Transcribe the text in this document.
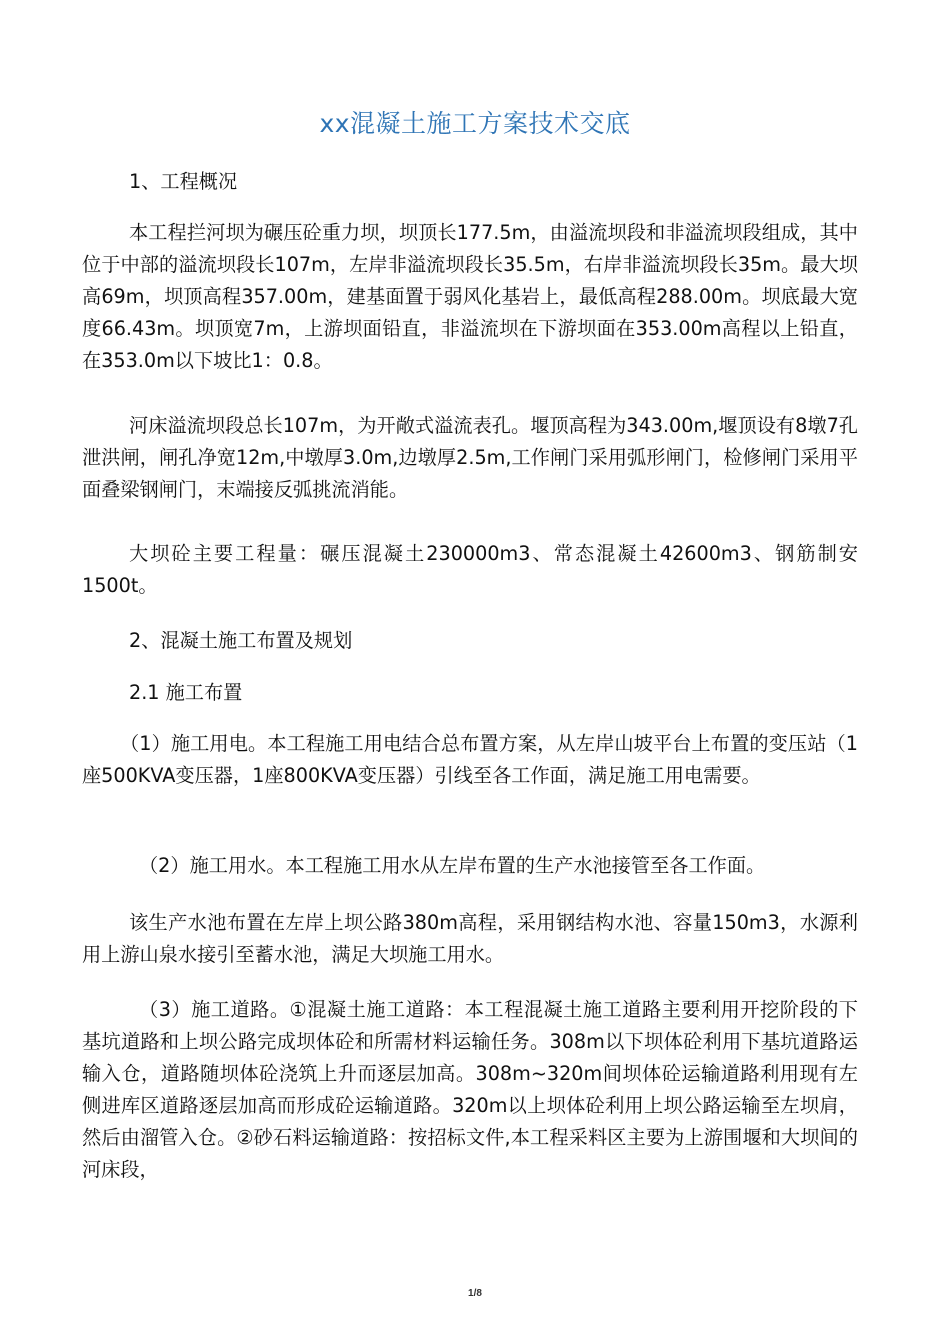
xx混凝土施工方案技术交底

1、工程概况

本工程拦河坝为碾压砼重力坝，坝顶长177.5m，由溢流坝段和非溢流坝段组成，其中位于中部的溢流坝段长107m，左岸非溢流坝段长35.5m，右岸非溢流坝段长35m。最大坝高69m，坝顶高程357.00m，建基面置于弱风化基岩上，最低高程288.00m。坝底最大宽度66.43m。坝顶宽7m，上游坝面铅直，非溢流坝在下游坝面在353.00m高程以上铅直，在353.0m以下坡比1：0.8。

河床溢流坝段总长107m，为开敞式溢流表孔。堰顶高程为343.00m,堰顶设有8墩7孔泄洪闸，闸孔净宽12m,中墩厚3.0m,边墩厚2.5m,工作闸门采用弧形闸门，检修闸门采用平面叠梁钢闸门，末端接反弧挑流消能。

大坝砼主要工程量：碾压混凝土230000m3、常态混凝土42600m3、钢筋制安1500t。

2、混凝土施工布置及规划

2.1 施工布置

（1）施工用电。本工程施工用电结合总布置方案，从左岸山坡平台上布置的变压站（1座500KVA变压器，1座800KVA变压器）引线至各工作面，满足施工用电需要。

（2）施工用水。本工程施工用水从左岸布置的生产水池接管至各工作面。

该生产水池布置在左岸上坝公路380m高程，采用钢结构水池、容量150m3，水源利用上游山泉水接引至蓄水池，满足大坝施工用水。

（3）施工道路。①混凝土施工道路：本工程混凝土施工道路主要利用开挖阶段的下基坑道路和上坝公路完成坝体砼和所需材料运输任务。308m以下坝体砼利用下基坑道路运输入仓，道路随坝体砼浇筑上升而逐层加高。308m~320m间坝体砼运输道路利用现有左侧进库区道路逐层加高而形成砼运输道路。320m以上坝体砼利用上坝公路运输至左坝肩，然后由溜管入仓。②砂石料运输道路：按招标文件,本工程采料区主要为上游围堰和大坝间的河床段，

1/8
